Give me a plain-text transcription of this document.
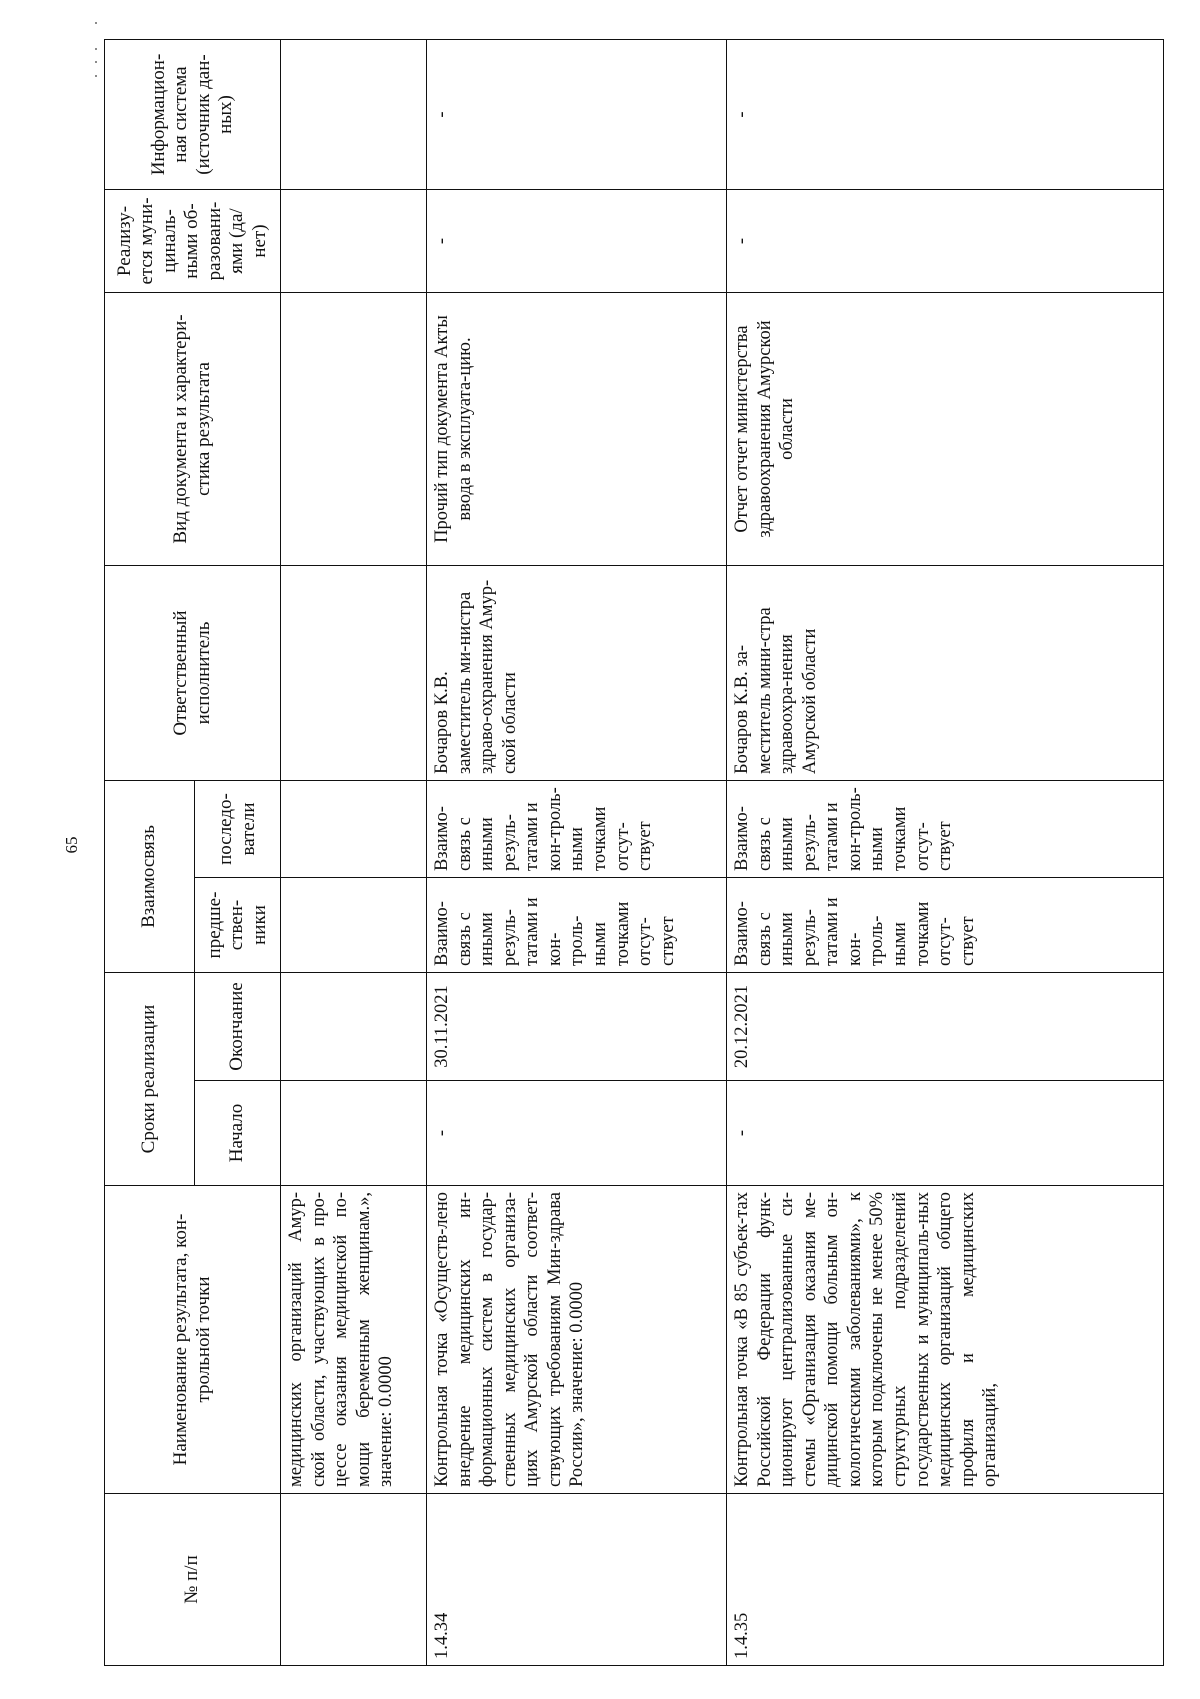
65
№ п/п	Наименование результата, кон-трольной точки	Сроки реализации		Взаимосвязь		Ответственный исполнитель	Вид документа и характери-стика результата	Реализу-ется муни-циналь-ными об-разовани-ями (да/нет)	Информацион-ная система (источник дан-ных)
		Начало	Окончание	предше-ствен-ники	последо-ватели				
	медицинских организаций Амур-ской области, участвующих в про-цессе оказания медицинской по-мощи беременным женщинам.», значение: 0.0000								
1.4.34	Контрольная точка «Осуществ-лено внедрение медицинских ин-формационных систем в государ-ственных медицинских организа-циях Амурской области соответ-ствующих требованиям Мин-здрава России», значение: 0.0000	-	30.11.2021	Взаимо-связь с иными резуль-татами и кон-троль-ными точками отсут-ствует	Взаимо-связь с иными резуль-татами и кон-троль-ными точками отсут-ствует	Бочаров К.В. заместитель ми-нистра здраво-охранения Амур-ской области	Прочий тип документа Акты ввода в эксплуата-цию.	-	-
1.4.35	Контрольная точка «В 85 субъек-тах Российской Федерации функ-ционируют централизованные си-стемы «Организация оказания ме-дицинской помощи больным он-кологическими заболеваниями», к которым подключены не менее 50% структурных подразделений государственных и муниципаль-ных медицинских организаций общего профиля и медицинских организаций,	-	20.12.2021	Взаимо-связь с иными резуль-татами и кон-троль-ными точками отсут-ствует	Взаимо-связь с иными резуль-татами и кон-троль-ными точками отсут-ствует	Бочаров К.В. за-меститель мини-стра здравоохра-нения Амурской области	Отчет отчет министерства здравоохранения Амурской области	-	-
